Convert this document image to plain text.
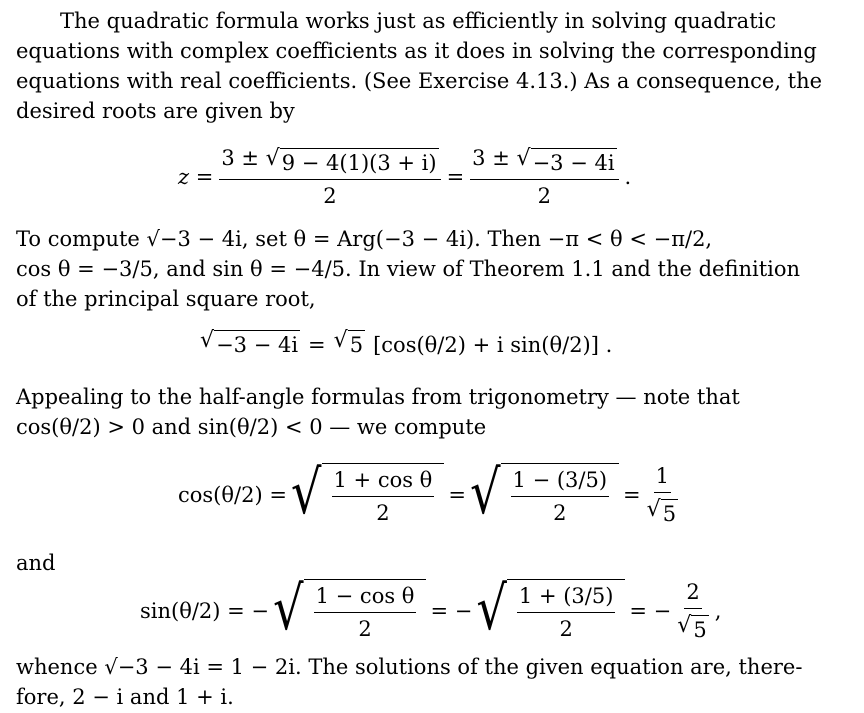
The quadratic formula works just as efficiently in solving quadratic
equations with complex coefficients as it does in solving the corresponding
equations with real coefficients. (See Exercise 4.13.) As a consequence, the
desired roots are given by
$z = \frac{3 \pm √ 9 - 4(1)(3 + i)}{2} = \frac{3 \pm √ -3 - 4i}{2}$ .
To compute √−3 − 4i, set θ = Arg(−3 − 4i). Then −π < θ < −π/2,
cos θ = −3/5, and sin θ = −4/5. In view of Theorem 1.1 and the definition
of the principal square root,
√ −3 − 4i = √ 5 [cos(θ/2) + i sin(θ/2)] .
Appealing to the half-angle formulas from trigonometry — note that
cos(θ/2) > 0 and sin(θ/2) < 0 — we compute
cos(θ/2) = √ $\frac{\text{1 + cos θ}}{2}$ = √ $\frac{1 - (3/5)}{2} = \frac{1}{√ 5}$
and
sin(θ/2) = − √ $\frac{\text{1 − cos θ}}{2}$ = − √ $\frac{1 + (3/5)}{2}$ = − $\frac{2}{√ 5}$ ,
whence √−3 − 4i = 1 − 2i. The solutions of the given equation are, there-
fore, 2 − i and 1 + i.
